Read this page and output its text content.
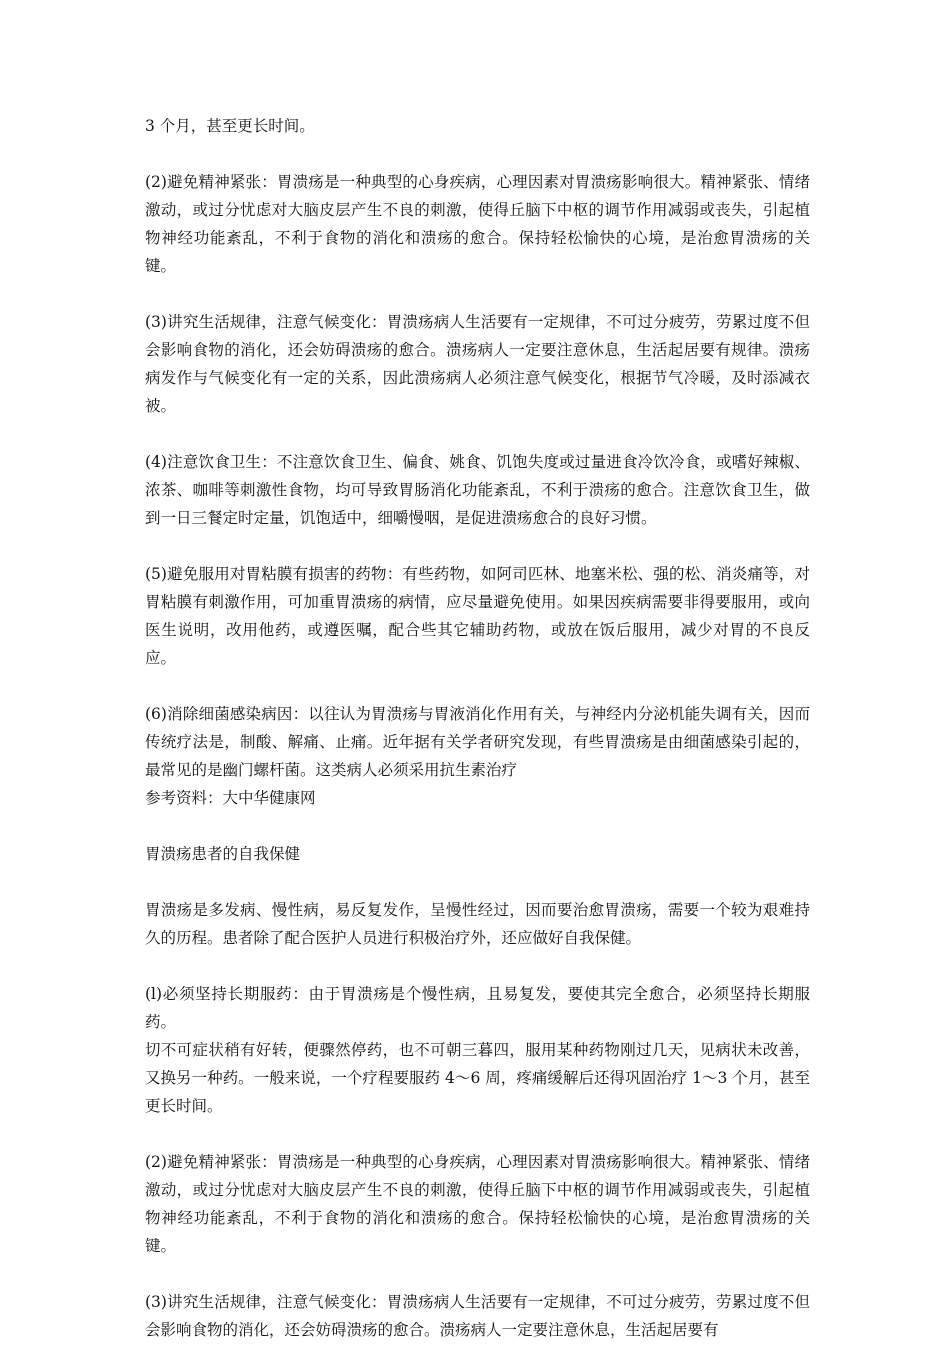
3 个月，甚至更长时间。

(2)避免精神紧张：胃溃疡是一种典型的心身疾病，心理因素对胃溃疡影响很大。精神紧张、情绪激动，或过分忧虑对大脑皮层产生不良的刺激，使得丘脑下中枢的调节作用减弱或丧失，引起植物神经功能紊乱，不利于食物的消化和溃疡的愈合。保持轻松愉快的心境，是治愈胃溃疡的关键。

(3)讲究生活规律，注意气候变化：胃溃疡病人生活要有一定规律，不可过分疲劳，劳累过度不但会影响食物的消化，还会妨碍溃疡的愈合。溃疡病人一定要注意休息，生活起居要有规律。溃疡病发作与气候变化有一定的关系，因此溃疡病人必须注意气候变化，根据节气冷暖，及时添减衣被。

(4)注意饮食卫生：不注意饮食卫生、偏食、姚食、饥饱失度或过量进食冷饮冷食，或嗜好辣椒、浓茶、咖啡等刺激性食物，均可导致胃肠消化功能紊乱，不利于溃疡的愈合。注意饮食卫生，做到一日三餐定时定量，饥饱适中，细嚼慢咽，是促进溃疡愈合的良好习惯。

(5)避免服用对胃粘膜有损害的药物：有些药物，如阿司匹林、地塞米松、强的松、消炎痛等，对胃粘膜有刺激作用，可加重胃溃疡的病情，应尽量避免使用。如果因疾病需要非得要服用，或向医生说明，改用他药，或遵医嘱，配合些其它辅助药物，或放在饭后服用，减少对胃的不良反应。

(6)消除细菌感染病因：以往认为胃溃疡与胃液消化作用有关，与神经内分泌机能失调有关，因而传统疗法是，制酸、解痛、止痛。近年据有关学者研究发现，有些胃溃疡是由细菌感染引起的，最常见的是幽门螺杆菌。这类病人必须采用抗生素治疗

参考资料：大中华健康网

胃溃疡患者的自我保健

胃溃疡是多发病、慢性病，易反复发作，呈慢性经过，因而要治愈胃溃疡，需要一个较为艰难持久的历程。患者除了配合医护人员进行积极治疗外，还应做好自我保健。

(l)必须坚持长期服药：由于胃溃疡是个慢性病，且易复发，要使其完全愈合，必须坚持长期服药。

切不可症状稍有好转，便骤然停药，也不可朝三暮四，服用某种药物刚过几天，见病状未改善，又换另一种药。一般来说，一个疗程要服药 4～6 周，疼痛缓解后还得巩固治疗 1～3 个月，甚至更长时间。

(2)避免精神紧张：胃溃疡是一种典型的心身疾病，心理因素对胃溃疡影响很大。精神紧张、情绪激动，或过分忧虑对大脑皮层产生不良的刺激，使得丘脑下中枢的调节作用减弱或丧失，引起植物神经功能紊乱，不利于食物的消化和溃疡的愈合。保持轻松愉快的心境，是治愈胃溃疡的关键。

(3)讲究生活规律，注意气候变化：胃溃疡病人生活要有一定规律，不可过分疲劳，劳累过度不但会影响食物的消化，还会妨碍溃疡的愈合。溃疡病人一定要注意休息，生活起居要有
